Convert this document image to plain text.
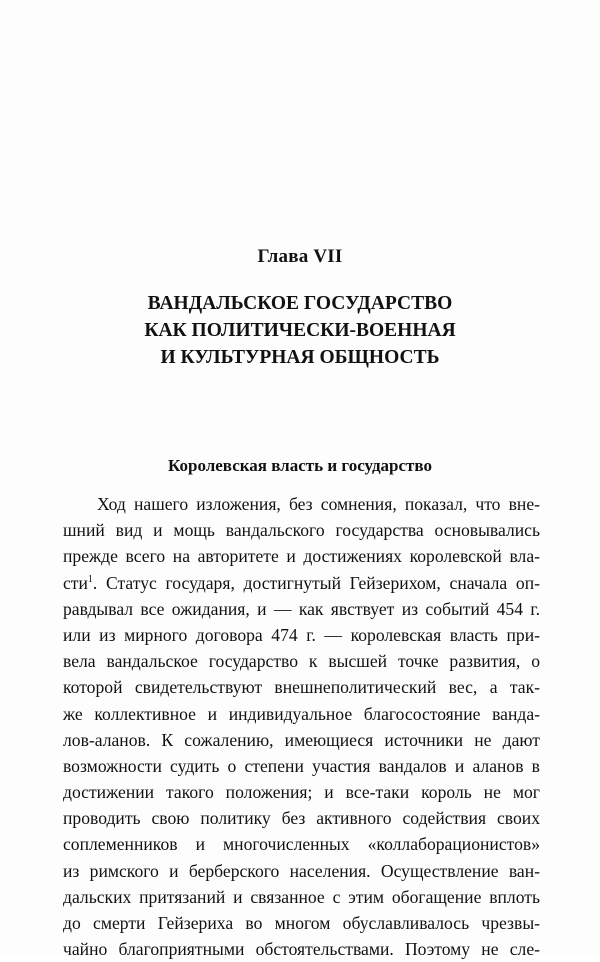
Глава VII
ВАНДАЛЬСКОЕ ГОСУДАРСТВО
КАК ПОЛИТИЧЕСКИ-ВОЕННАЯ
И КУЛЬТУРНАЯ ОБЩНОСТЬ
Королевская власть и государство
Ход нашего изложения, без сомнения, показал, что вне-
шний вид и мощь вандальского государства основывались
прежде всего на авторитете и достижениях королевской вла-
сти$^1$. Статус государя, достигнутый Гейзерихом, сначала оп-
равдывал все ожидания, и — как явствует из событий 454 г.
или из мирного договора 474 г. — королевская власть при-
вела вандальское государство к высшей точке развития, о
которой свидетельствуют внешнеполитический вес, а так-
же коллективное и индивидуальное благосостояние ванда-
лов-аланов. К сожалению, имеющиеся источники не дают
возможности судить о степени участия вандалов и аланов в
достижении такого положения; и все-таки король не мог
проводить свою политику без активного содействия своих
соплеменников и многочисленных «коллаборационистов»
из римского и берберского населения. Осуществление ван-
дальских притязаний и связанное с этим обогащение вплоть
до смерти Гейзериха во многом обуславливалось чрезвы-
чайно благоприятными обстоятельствами. Поэтому не сле-
